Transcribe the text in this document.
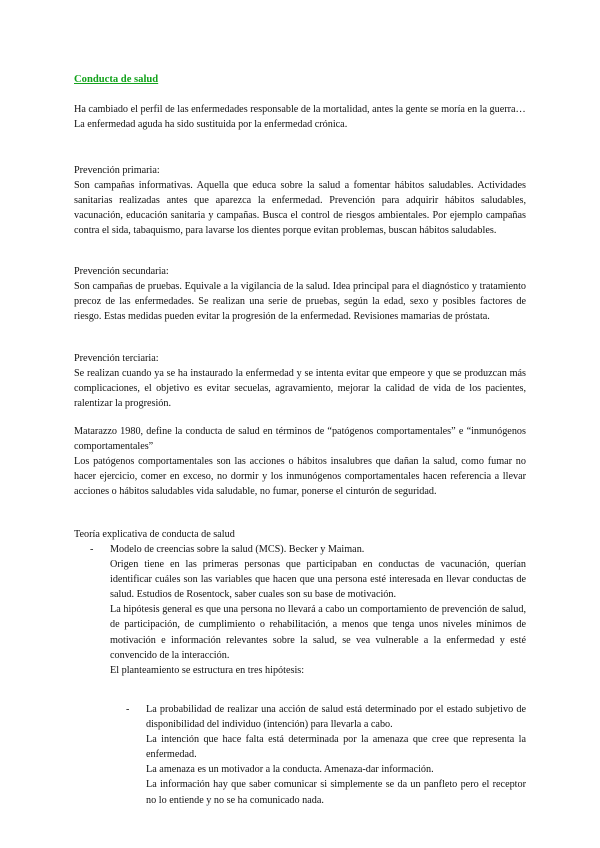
Conducta de salud

Ha cambiado el perfil de las enfermedades responsable de la mortalidad, antes la gente se moría en la guerra…

La enfermedad aguda ha sido sustituida por la enfermedad crónica.

Prevención primaria:

Son campañas informativas. Aquella que educa sobre la salud a fomentar hábitos saludables. Actividades sanitarias realizadas antes que aparezca la enfermedad. Prevención para adquirir hábitos saludables, vacunación, educación sanitaria y campañas. Busca el control de riesgos ambientales. Por ejemplo campañas contra el sida, tabaquismo, para lavarse los dientes porque evitan problemas, buscan hábitos saludables.

Prevención secundaria:

Son campañas de pruebas. Equivale a la vigilancia de la salud. Idea principal para el diagnóstico y tratamiento precoz de las enfermedades. Se realizan una serie de pruebas, según la edad, sexo y posibles factores de riesgo. Estas medidas pueden evitar la progresión de la enfermedad. Revisiones mamarias de próstata.

Prevención terciaria:

Se realizan cuando ya se ha instaurado la enfermedad y se intenta evitar que empeore y que se produzcan más complicaciones, el objetivo es evitar secuelas, agravamiento, mejorar la calidad de vida de los pacientes, ralentizar la progresión.

Matarazzo 1980, define la conducta de salud en términos de “patógenos comportamentales” e “inmunógenos comportamentales”

Los patógenos comportamentales son las acciones o hábitos insalubres que dañan la salud, como fumar no hacer ejercicio, comer en exceso, no dormir y los inmunógenos comportamentales hacen referencia a llevar acciones o hábitos saludables vida saludable, no fumar, ponerse el cinturón de seguridad.

Teoría explicativa de conducta de salud
-	Modelo de creencias sobre la salud (MCS). Becker y Maiman.

Origen tiene en las primeras personas que participaban en conductas de vacunación, querían identificar cuáles son las variables que hacen que una persona esté interesada en llevar conductas de salud. Estudios de Rosentock, saber cuales son su base de motivación.

La hipótesis general es que una persona no llevará a cabo un comportamiento de prevención de salud, de participación, de cumplimiento o rehabilitación, a menos que tenga unos niveles mínimos de motivación e información relevantes sobre la salud, se vea vulnerable a la enfermedad y esté convencido de la interacción.

El planteamiento se estructura en tres hipótesis:

-	La probabilidad de realizar una acción de salud está determinado por el estado subjetivo de disponibilidad del individuo (intención) para llevarla a cabo.

La intención que hace falta está determinada por la amenaza que cree que representa la enfermedad.

La amenaza es un motivador a la conducta. Amenaza-dar información.

La información hay que saber comunicar si simplemente se da un panfleto pero el receptor no lo entiende y no se ha comunicado nada.
